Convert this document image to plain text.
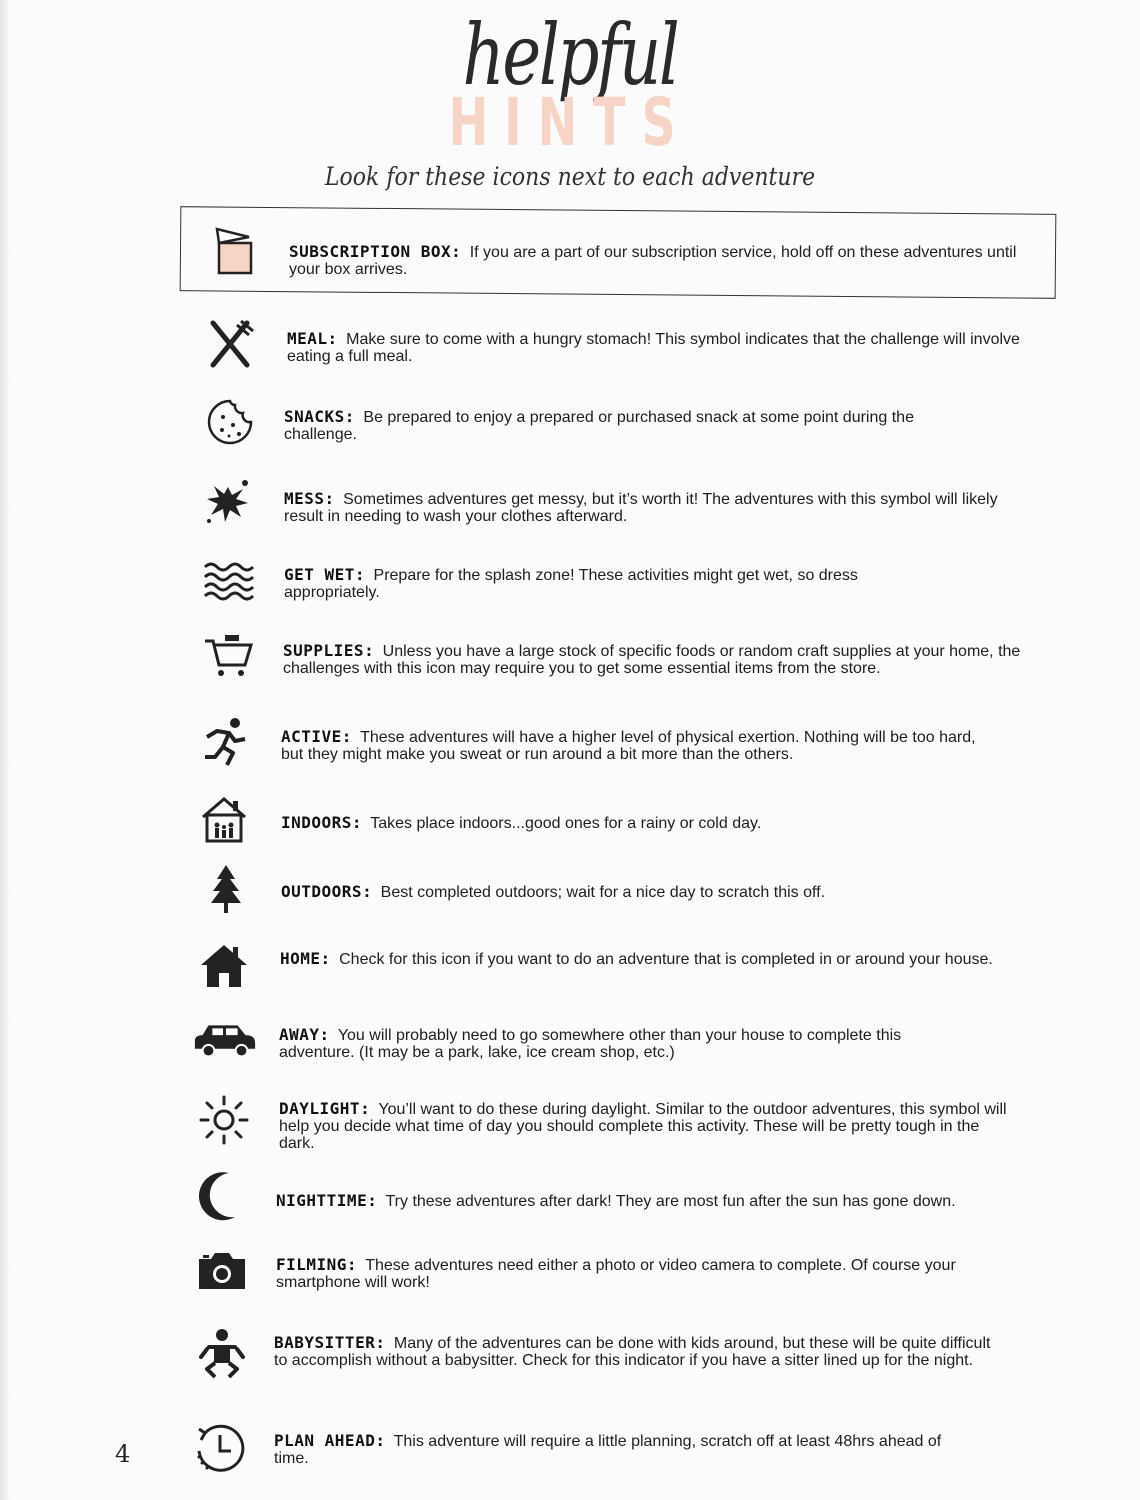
helpful
HINTS
Look for these icons next to each adventure
SUBSCRIPTION BOX: If you are a part of our subscription service, hold off on these adventures until your box arrives.
MEAL: Make sure to come with a hungry stomach! This symbol indicates that the challenge will involve eating a full meal.
SNACKS: Be prepared to enjoy a prepared or purchased snack at some point during the challenge.
MESS: Sometimes adventures get messy, but it’s worth it! The adventures with this symbol will likely result in needing to wash your clothes afterward.
GET WET: Prepare for the splash zone! These activities might get wet, so dress appropriately.
SUPPLIES: Unless you have a large stock of specific foods or random craft supplies at your home, the challenges with this icon may require you to get some essential items from the store.
ACTIVE: These adventures will have a higher level of physical exertion. Nothing will be too hard, but they might make you sweat or run around a bit more than the others.
INDOORS: Takes place indoors...good ones for a rainy or cold day.
OUTDOORS: Best completed outdoors; wait for a nice day to scratch this off.
HOME: Check for this icon if you want to do an adventure that is completed in or around your house.
AWAY: You will probably need to go somewhere other than your house to complete this adventure. (It may be a park, lake, ice cream shop, etc.)
DAYLIGHT: You’ll want to do these during daylight. Similar to the outdoor adventures, this symbol will help you decide what time of day you should complete this activity. These will be pretty tough in the dark.
NIGHTTIME: Try these adventures after dark! They are most fun after the sun has gone down.
FILMING: These adventures need either a photo or video camera to complete. Of course your smartphone will work!
BABYSITTER: Many of the adventures can be done with kids around, but these will be quite difficult to accomplish without a babysitter. Check for this indicator if you have a sitter lined up for the night.
PLAN AHEAD: This adventure will require a little planning, scratch off at least 48hrs ahead of time.
4
